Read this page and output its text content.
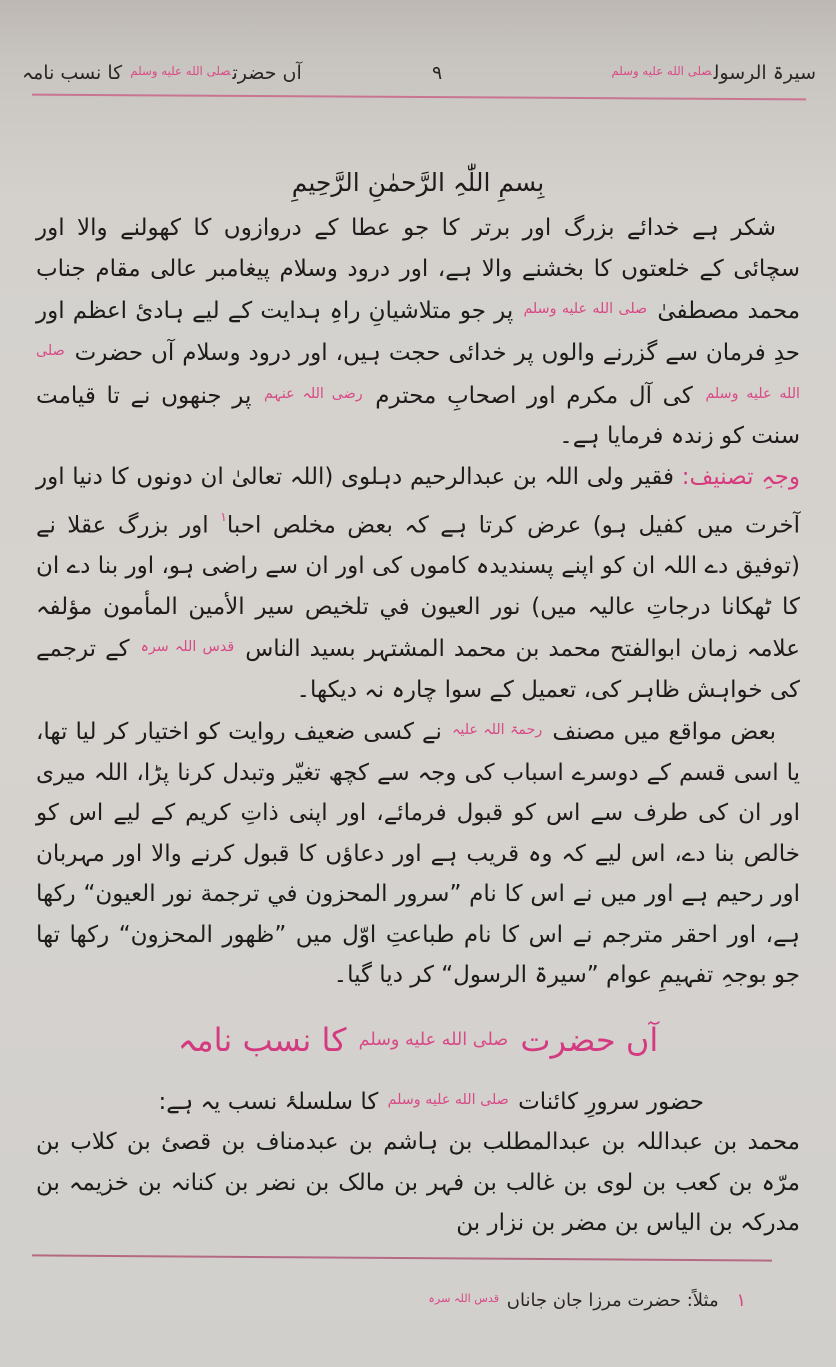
سیرۃ الرسول$^{صلى الله عليه وسلم}$
۹
آں حضرت$^{صلى الله عليه وسلم}$ کا نسب نامہ
بِسمِ اللّٰہِ الرَّحمٰنِ الرَّحِیمِ

شکر ہے خدائے بزرگ اور برتر کا جو عطا کے دروازوں کا کھولنے والا اور سچائی کے خلعتوں کا بخشنے والا ہے، اور درود وسلام پیغامبر عالی مقام جناب محمد مصطفیٰ $^{صلى الله عليه وسلم}$ پر جو متلاشیانِ راہِ ہدایت کے لیے ہادیٔ اعظم اور حدِ فرمان سے گزرنے والوں پر خدائی حجت ہیں، اور درود وسلام آں حضرت $^{صلى الله عليه وسلم}$ کی آل مکرم اور اصحابِ محترم $^{رضی اللہ عنہم}$ پر جنھوں نے تا قیامت سنت کو زندہ فرمایا ہے۔

وجہِ تصنیف: فقیر ولی اللہ بن عبدالرحیم دہلوی (اللہ تعالیٰ ان دونوں کا دنیا اور آخرت میں کفیل ہو) عرض کرتا ہے کہ بعض مخلص احبا$^۱$ اور بزرگ عقلا نے (توفیق دے اللہ ان کو اپنے پسندیدہ کاموں کی اور ان سے راضی ہو، اور بنا دے ان کا ٹھکانا درجاتِ عالیہ میں) نور العیون في تلخیص سیر الأمین المأمون مؤلفہ علامہ زمان ابوالفتح محمد بن محمد المشتہر بسید الناس $^{قدس اللہ سرہ}$ کے ترجمے کی خواہش ظاہر کی، تعمیل کے سوا چارہ نہ دیکھا۔

بعض مواقع میں مصنف $^{رحمۃ اللہ علیہ}$ نے کسی ضعیف روایت کو اختیار کر لیا تھا، یا اسی قسم کے دوسرے اسباب کی وجہ سے کچھ تغیّر وتبدل کرنا پڑا، اللہ میری اور ان کی طرف سے اس کو قبول فرمائے، اور اپنی ذاتِ کریم کے لیے اس کو خالص بنا دے، اس لیے کہ وہ قریب ہے اور دعاؤں کا قبول کرنے والا اور مہربان اور رحیم ہے اور میں نے اس کا نام ”سرور المحزون في ترجمة نور العیون“ رکھا ہے، اور احقر مترجم نے اس کا نام طباعتِ اوّل میں ”ظهور المحزون“ رکھا تھا جو بوجہِ تفہیمِ عوام ”سیرۃ الرسول“ کر دیا گیا۔

آں حضرت صلى الله عليه وسلم کا نسب نامہ

حضور سرورِ کائنات $^{صلى الله عليه وسلم}$ کا سلسلۂ نسب یہ ہے:

محمد بن عبداللہ بن عبدالمطلب بن ہاشم بن عبدمناف بن قصیٔ بن کلاب بن مرّہ بن کعب بن لوی بن غالب بن فہر بن مالک بن نضر بن کنانہ بن خزیمہ بن مدرکہ بن الیاس بن مضر بن نزار بن

۱ مثلاً: حضرت مرزا جان جاناں $^{قدس اللہ سرہ}$
